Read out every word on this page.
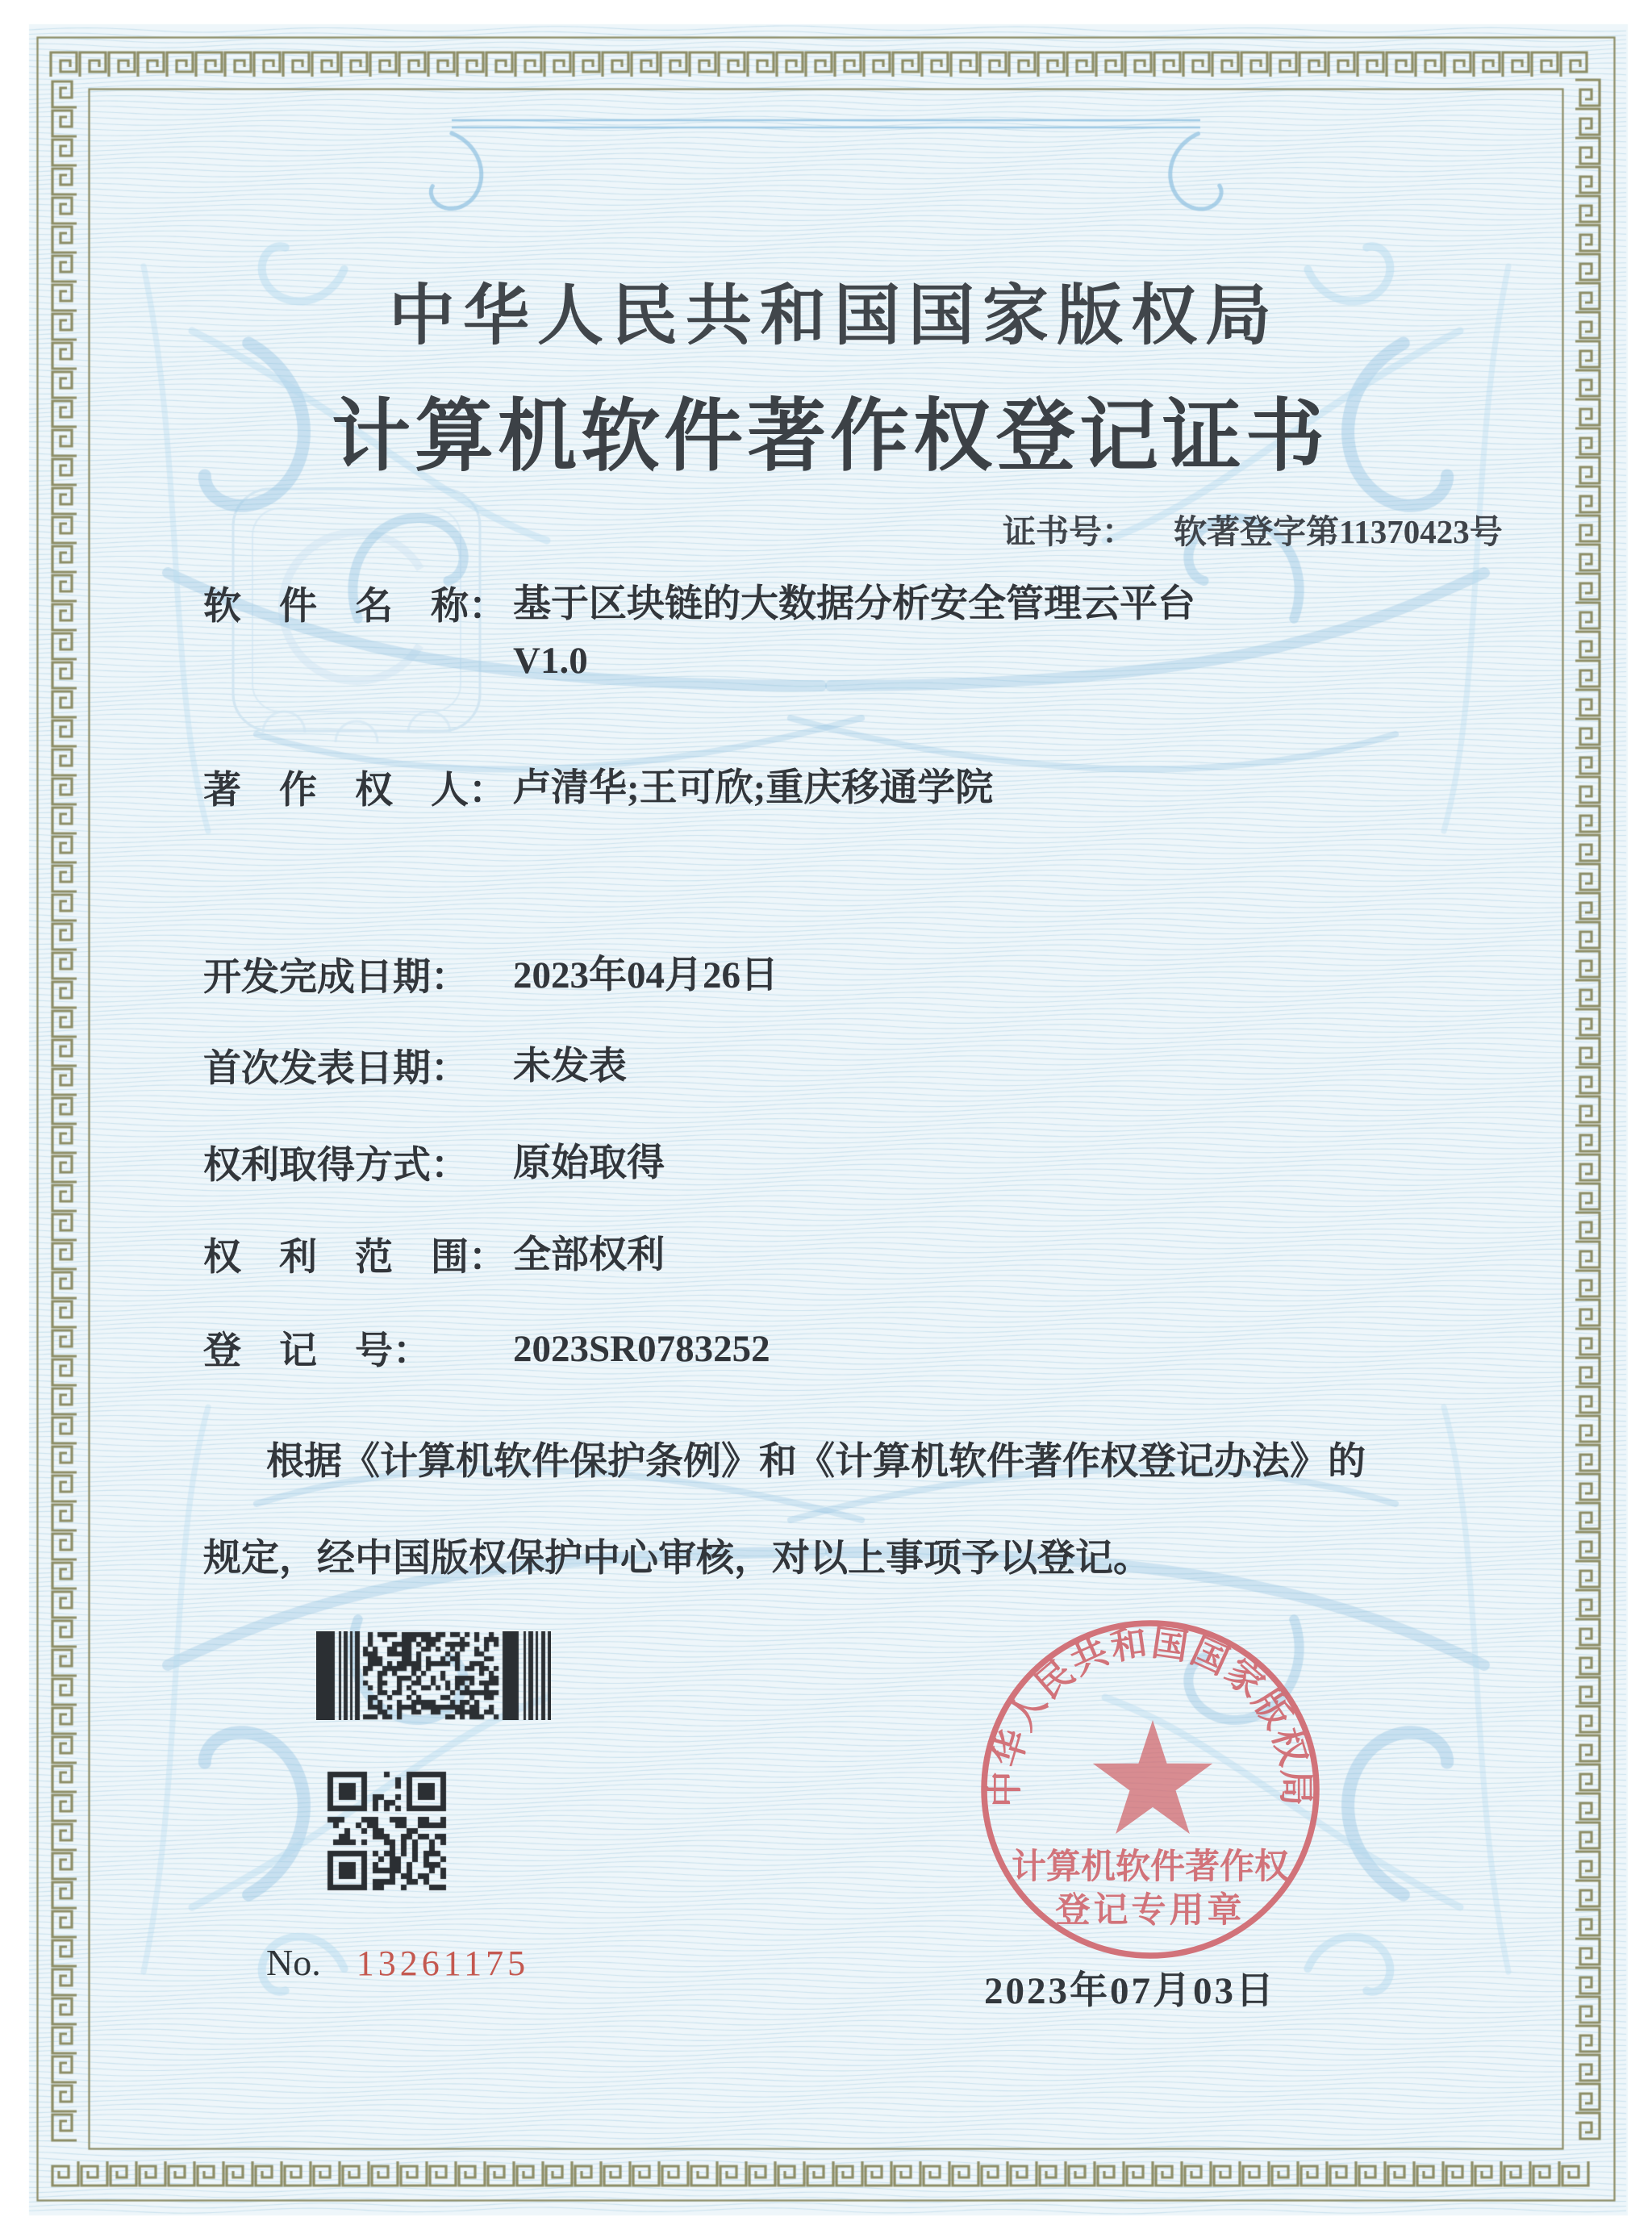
中华人民共和国国家版权局
计算机软件著作权登记证书
证书号： 软著登字第11370423号
软　件　名　称： 基于区块链的大数据分析安全管理云平台
V1.0
著　作　权　人： 卢清华;王可欣;重庆移通学院
开发完成日期： 2023年04月26日
首次发表日期： 未发表
权利取得方式： 原始取得
权　利　范　围： 全部权利
登　记　号： 2023SR0783252
根据《计算机软件保护条例》和《计算机软件著作权登记办法》的
规定，经中国版权保护中心审核，对以上事项予以登记。
No. 13261175
中华人民共和国国家版权局
计算机软件著作权
登记专用章
2023年07月03日
